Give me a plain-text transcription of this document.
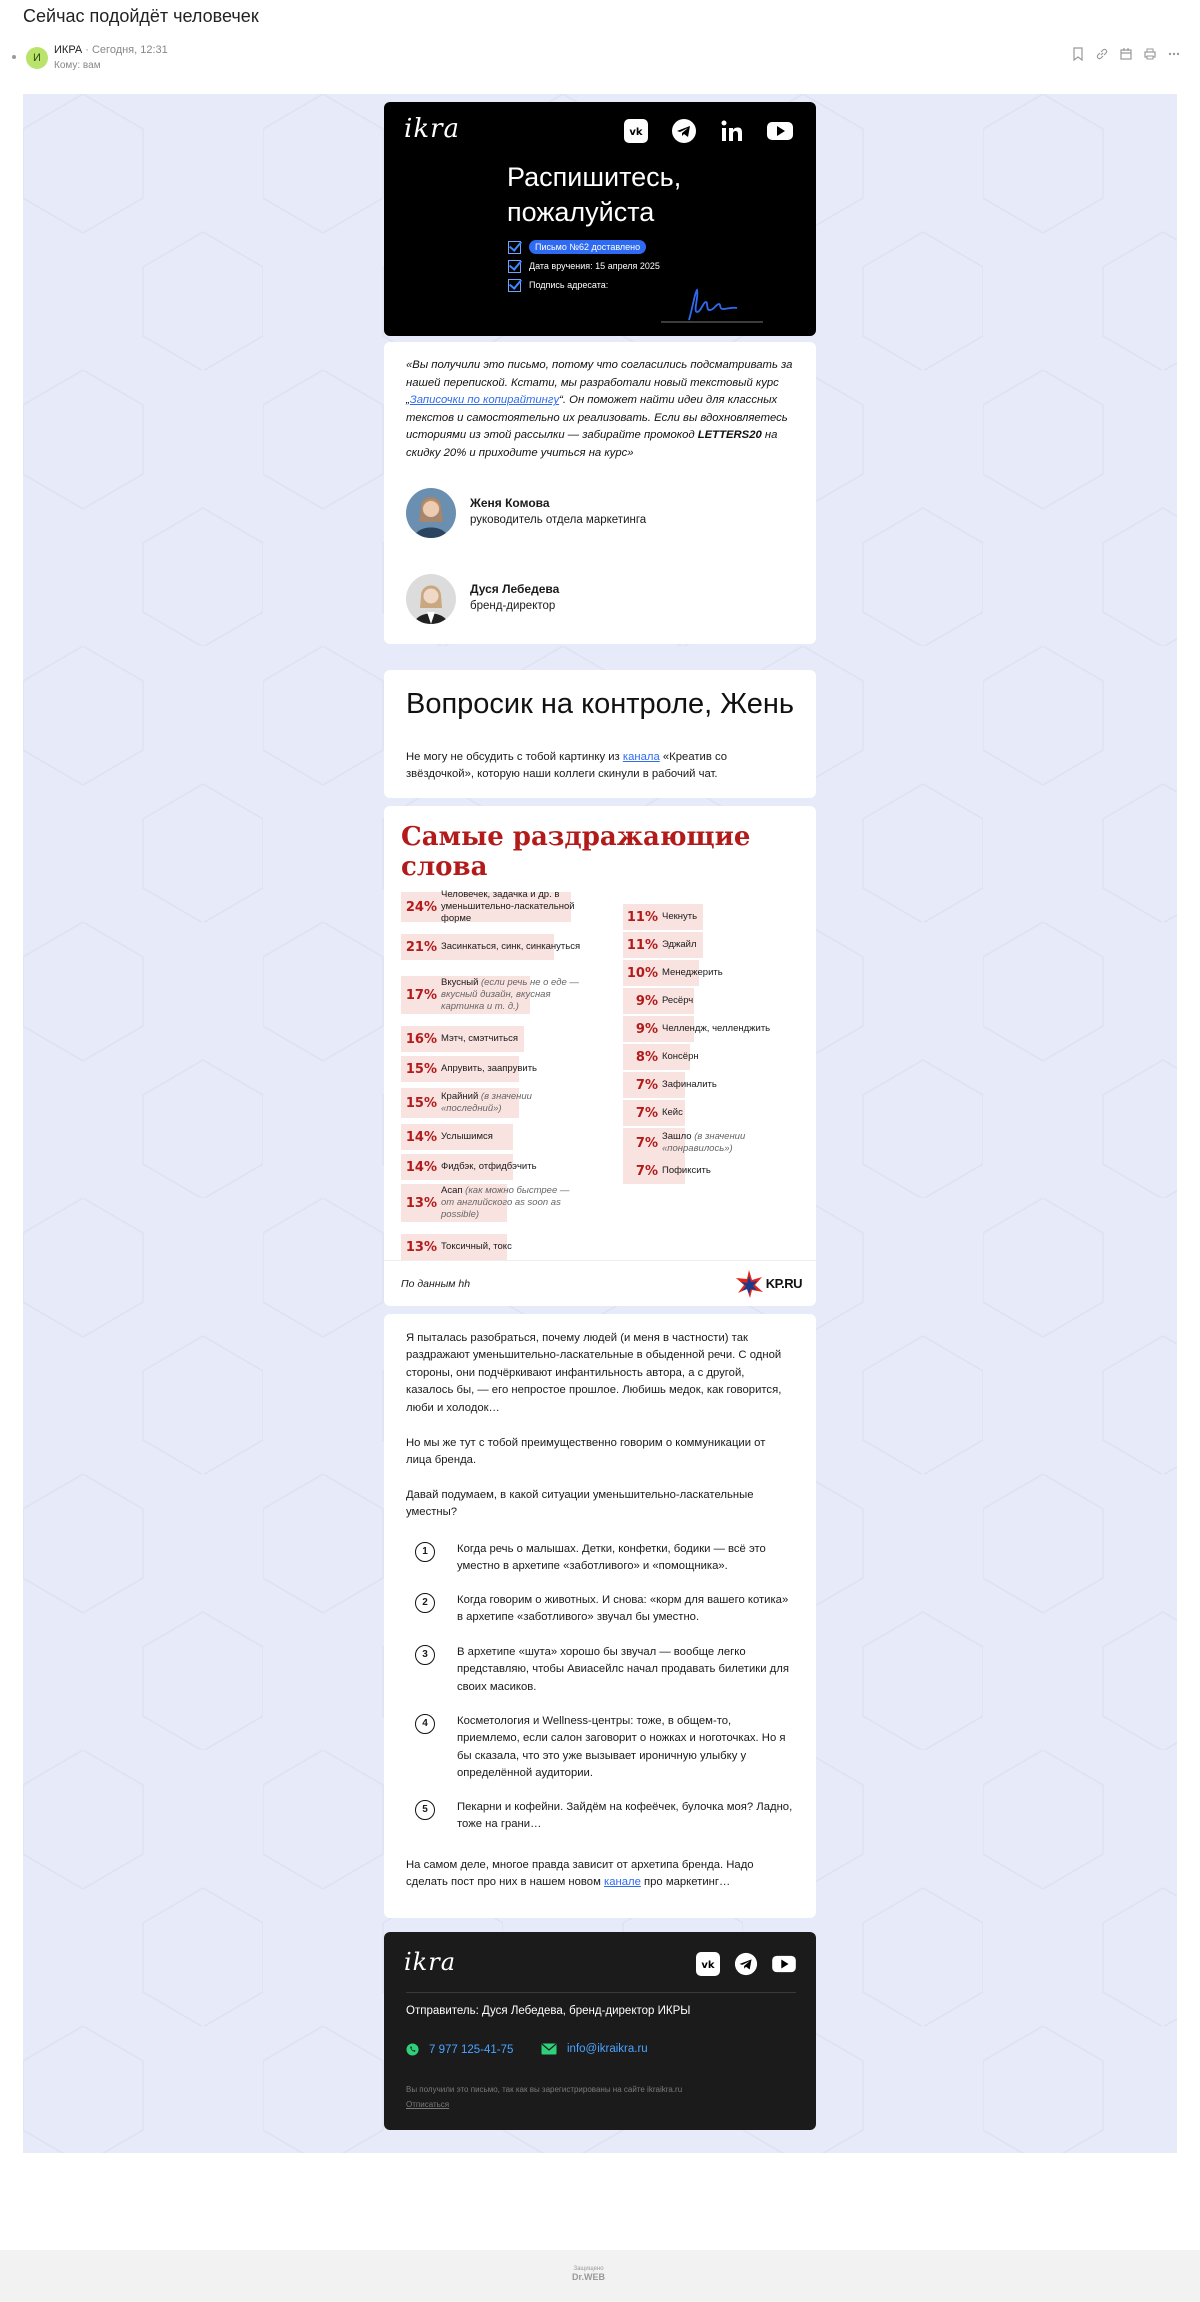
Сейчас подойдёт человечек
И
ИКРА · Сегодня, 12:31
Кому: вам
ikra	vk
Распишитесь, пожалуйста
Письмо №62 доставлено
Дата вручения: 15 апреля 2025
Подпись адресата:

«Вы получили это письмо, потому что согласились подсматривать за нашей перепиской. Кстати, мы разработали новый текстовый курс „Записочки по копирайтингу“. Он поможет найти идеи для классных текстов и самостоятельно их реализовать. Если вы вдохновляетесь историями из этой рассылки — забирайте промокод LETTERS20 на скидку 20% и приходите учиться на курс»

Женя Комова
руководитель отдела маркетинга
Дуся Лебедева
бренд-директор
Вопросик на контроле, Жень

Не могу не обсудить с тобой картинку из канала «Креатив со звёздочкой», которую наши коллеги скинули в рабочий чат.

Самые раздражающие слова
По данным hh	KP.RU
24%
Человечек, задачка и др. в уменьшительно-ласкательной форме
21% Засинкаться, синк, синкануться
17%
Вкусный (если речь не о еде — вкусный дизайн, вкусная картинка и т. д.)
16% Мэтч, смэтчиться
15% Апрувить, заапрувить
15% Крайний (в значении «последний»)
14% Услышимся
14% Фидбэк, отфидбэчить
13%
Асап (как можно быстрее — от английского as soon as possible)
13% Токсичный, токс
11% Чекнуть
11% Эджайл
10% Менеджерить
9% Ресёрч
9% Челлендж, челленджить
8% Консёрн
7% Зафиналить
7% Кейс
7% Зашло (в значении «понравилось»)
7% Пофиксить
Я пыталась разобраться, почему людей (и меня в частности) так раздражают уменьшительно-ласкательные в обыденной речи. С одной стороны, они подчёркивают инфантильность автора, а с другой, казалось бы, — его непростое прошлое. Любишь медок, как говорится, люби и холодок…
Но мы же тут с тобой преимущественно говорим о коммуникации от лица бренда.
Давай подумаем, в какой ситуации уменьшительно-ласкательные уместны?
1	Когда речь о малышах. Детки, конфетки, бодики — всё это уместно в архетипе «заботливого» и «помощника».
2	Когда говорим о животных. И снова: «корм для вашего котика» в архетипе «заботливого» звучал бы уместно.
3	В архетипе «шута» хорошо бы звучал — вообще легко представляю, чтобы Авиасейлс начал продавать билетики для своих масиков.
4	Косметология и Wellness-центры: тоже, в общем-то, приемлемо, если салон заговорит о ножках и ноготочках. Но я бы сказала, что это уже вызывает ироничную улыбку у определённой аудитории.
5	Пекарни и кофейни. Зайдём на кофеёчек, булочка моя? Ладно, тоже на грани…
На самом деле, многое правда зависит от архетипа бренда. Надо сделать пост про них в нашем новом канале про маркетинг…
ikra	vk
Отправитель: Дуся Лебедева, бренд-директор ИКРЫ
7 977 125-41-75	info@ikraikra.ru
Вы получили это письмо, так как вы зарегистрированы на сайте ikraikra.ru
Отписаться
Защищено
Dr.WEB
